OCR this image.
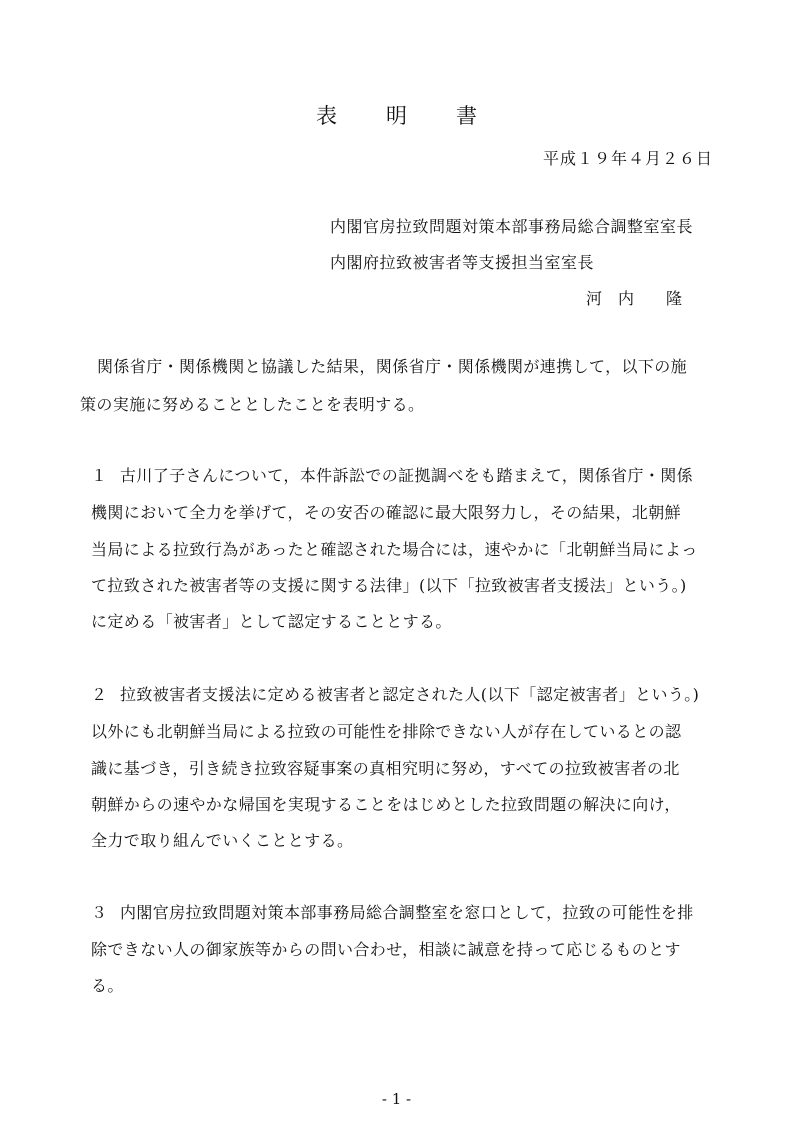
表　明　書
平成１９年４月２６日
内閣官房拉致問題対策本部事務局総合調整室室長
内閣府拉致被害者等支援担当室室長
河　内　　隆
関係省庁・関係機関と協議した結果，関係省庁・関係機関が連携して，以下の施
策の実施に努めることとしたことを表明する。
１ 古川了子さんについて，本件訴訟での証拠調べをも踏まえて，関係省庁・関係
機関において全力を挙げて，その安否の確認に最大限努力し，その結果，北朝鮮
当局による拉致行為があったと確認された場合には，速やかに「北朝鮮当局によっ
て拉致された被害者等の支援に関する法律」(以下「拉致被害者支援法」という。)
に定める「被害者」として認定することとする。
２ 拉致被害者支援法に定める被害者と認定された人(以下「認定被害者」という。)
以外にも北朝鮮当局による拉致の可能性を排除できない人が存在しているとの認
識に基づき，引き続き拉致容疑事案の真相究明に努め，すべての拉致被害者の北
朝鮮からの速やかな帰国を実現することをはじめとした拉致問題の解決に向け，
全力で取り組んでいくこととする。
３ 内閣官房拉致問題対策本部事務局総合調整室を窓口として，拉致の可能性を排
除できない人の御家族等からの問い合わせ，相談に誠意を持って応じるものとす
る。
- 1 -
